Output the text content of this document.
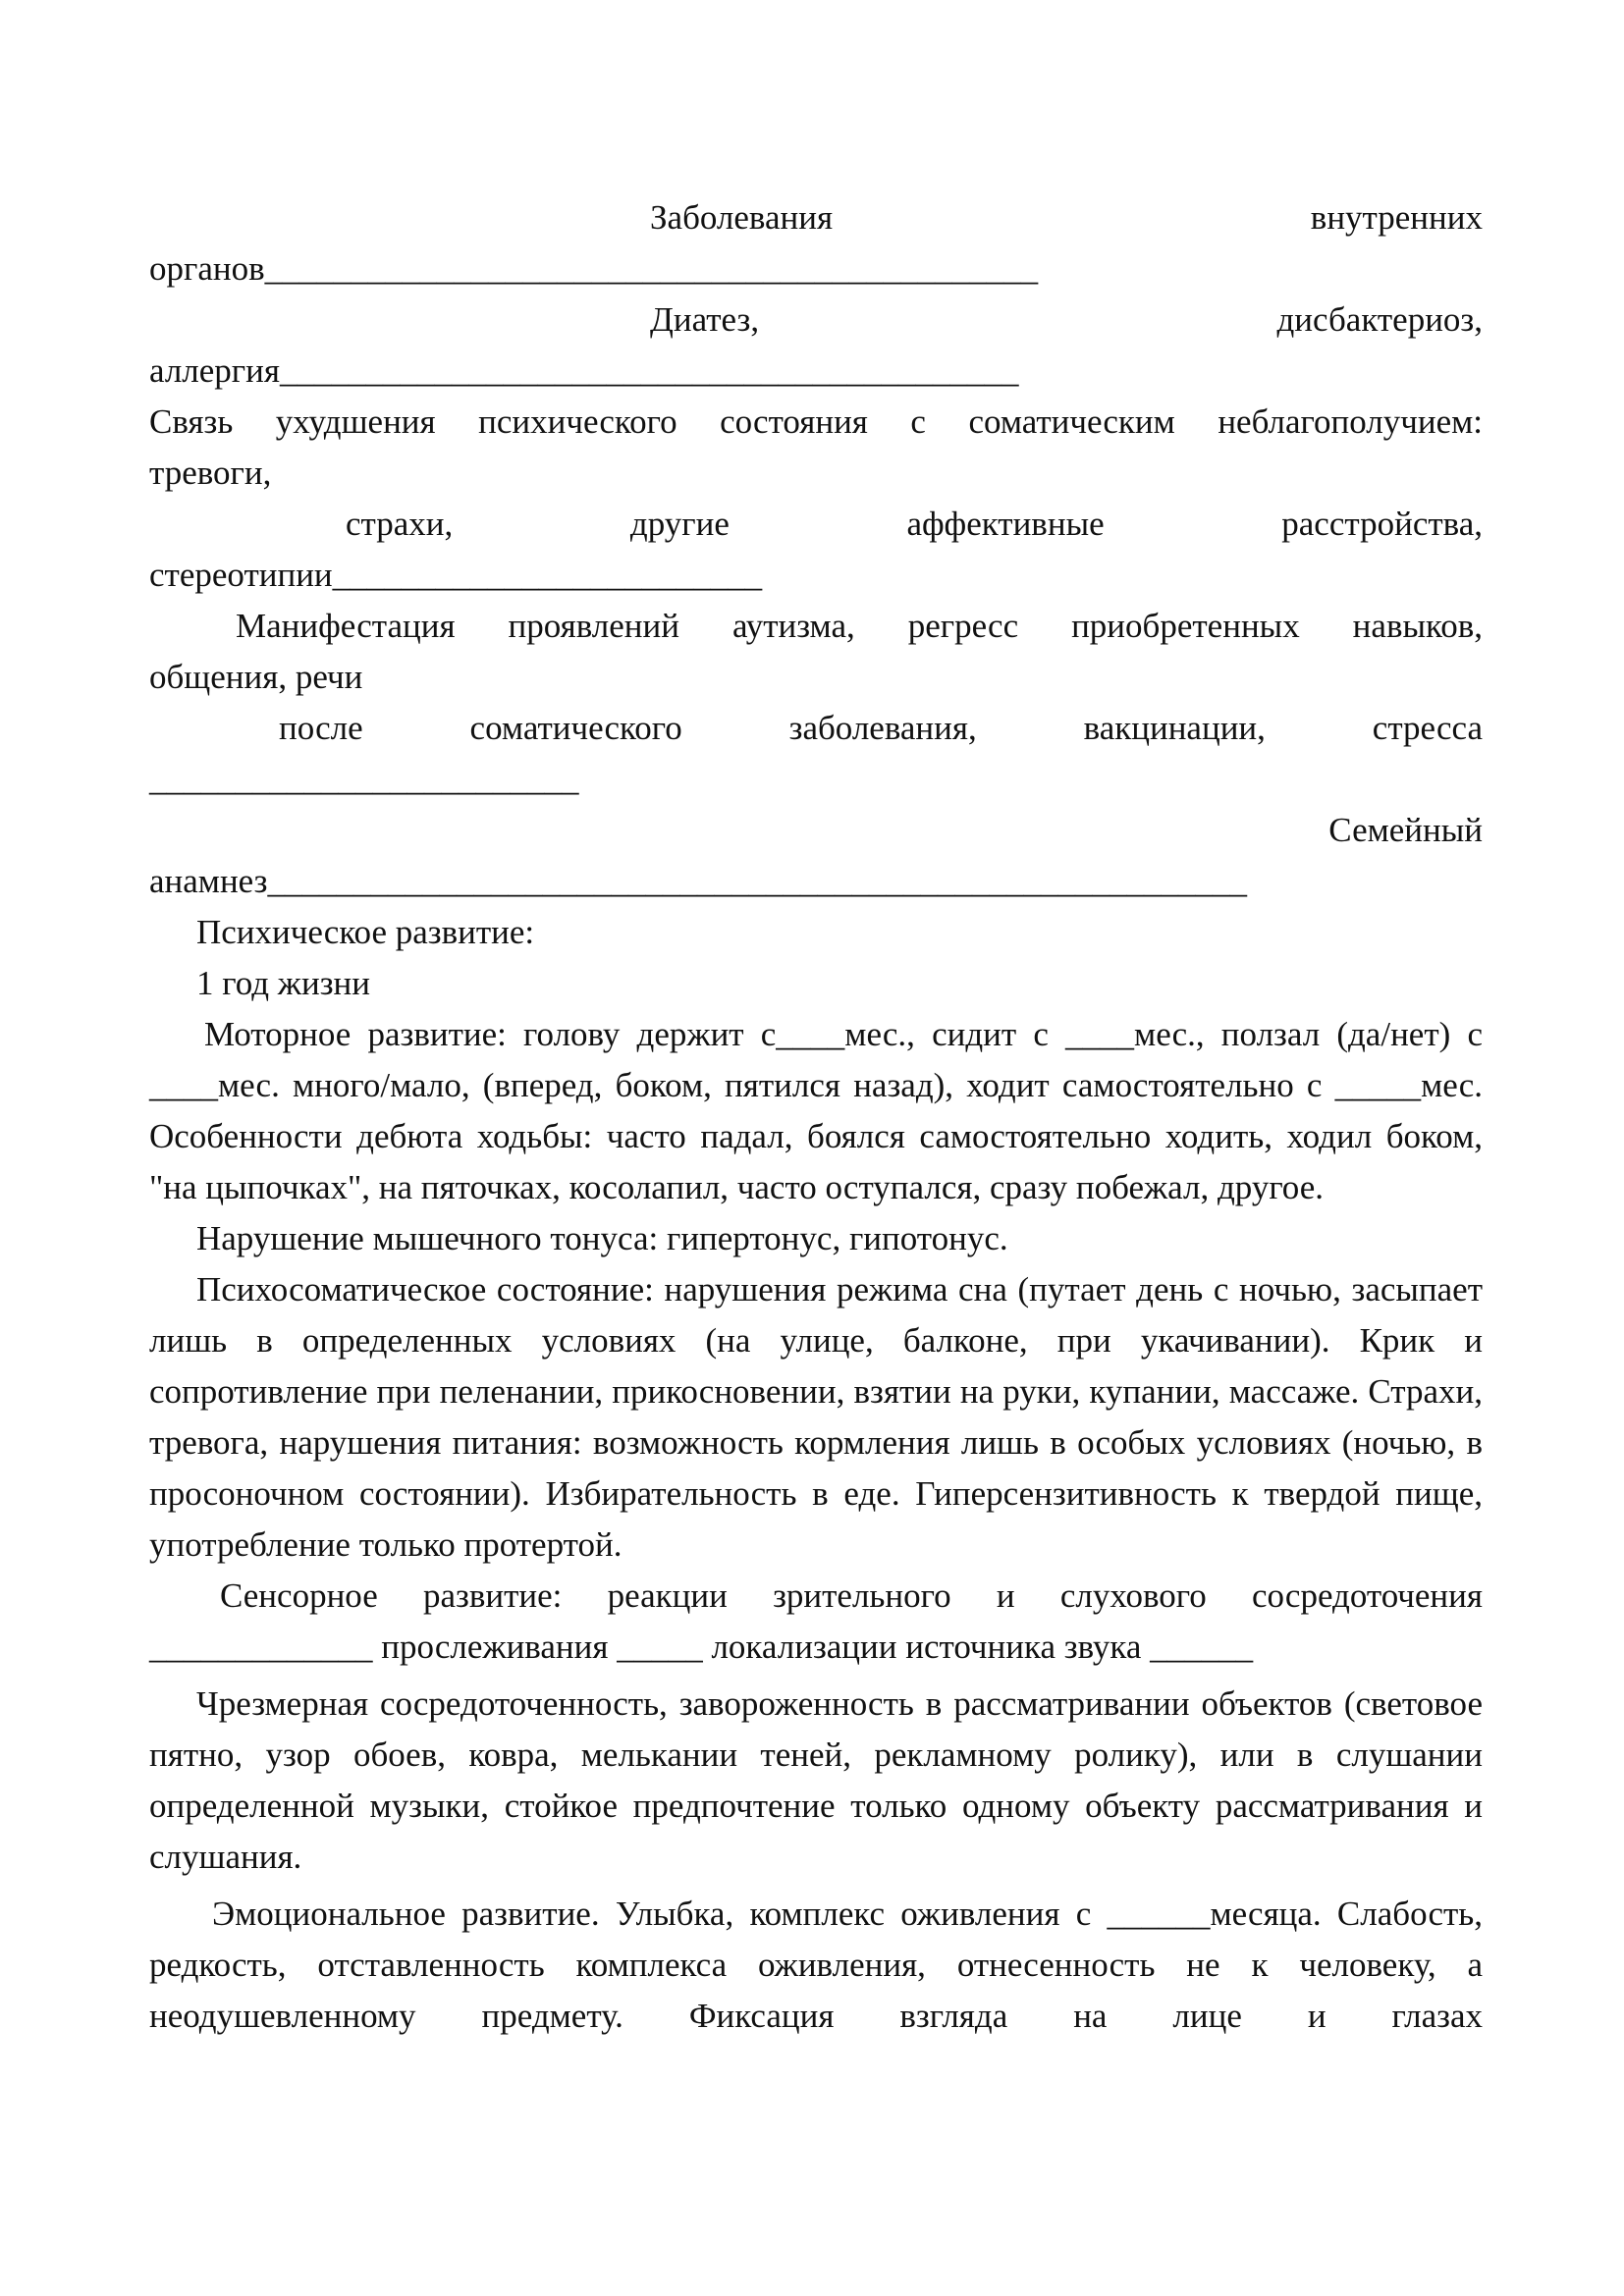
Заболевания внутренних

органов_____________________________________________

Диатез, дисбактериоз,

аллергия___________________________________________

Связь ухудшения психического состояния с соматическим неблагополучием:

тревоги,

страхи, другие аффективные расстройства,

стереотипии_________________________

Манифестация проявлений аутизма, регресс приобретенных навыков,

общения, речи

после соматического заболевания, вакцинации, стресса

_________________________

Семейный

анамнез_________________________________________________________

Психическое развитие:

1 год жизни

Моторное развитие: голову держит с____мес., сидит с ____мес., ползал (да/нет) с ____мес. много/мало, (вперед, боком, пятился назад), ходит самостоятельно с _____мес. Особенности дебюта ходьбы: часто падал, боялся самостоятельно ходить, ходил боком, "на цыпочках", на пяточках, косолапил, часто оступался, сразу побежал, другое.

Нарушение мышечного тонуса: гипертонус, гипотонус.

Психосоматическое состояние: нарушения режима сна (путает день с ночью, засыпает лишь в определенных условиях (на улице, балконе, при укачивании). Крик и сопротивление при пеленании, прикосновении, взятии на руки, купании, массаже. Страхи, тревога, нарушения питания: возможность кормления лишь в особых условиях (ночью, в просоночном состоянии). Избирательность в еде. Гиперсензитивность к твердой пище, употребление только протертой.

Сенсорное развитие: реакции зрительного и слухового сосредоточения

_____________ прослеживания _____ локализации источника звука ______

Чрезмерная сосредоточенность, завороженность в рассматривании объектов (световое пятно, узор обоев, ковра, мелькании теней, рекламному ролику), или в слушании определенной музыки, стойкое предпочтение только одному объекту рассматривания и слушания.

Эмоциональное развитие. Улыбка, комплекс оживления с ______месяца. Слабость, редкость, отставленность комплекса оживления, отнесенность не к человеку, а неодушевленному предмету. Фиксация взгляда на лице и глазах
